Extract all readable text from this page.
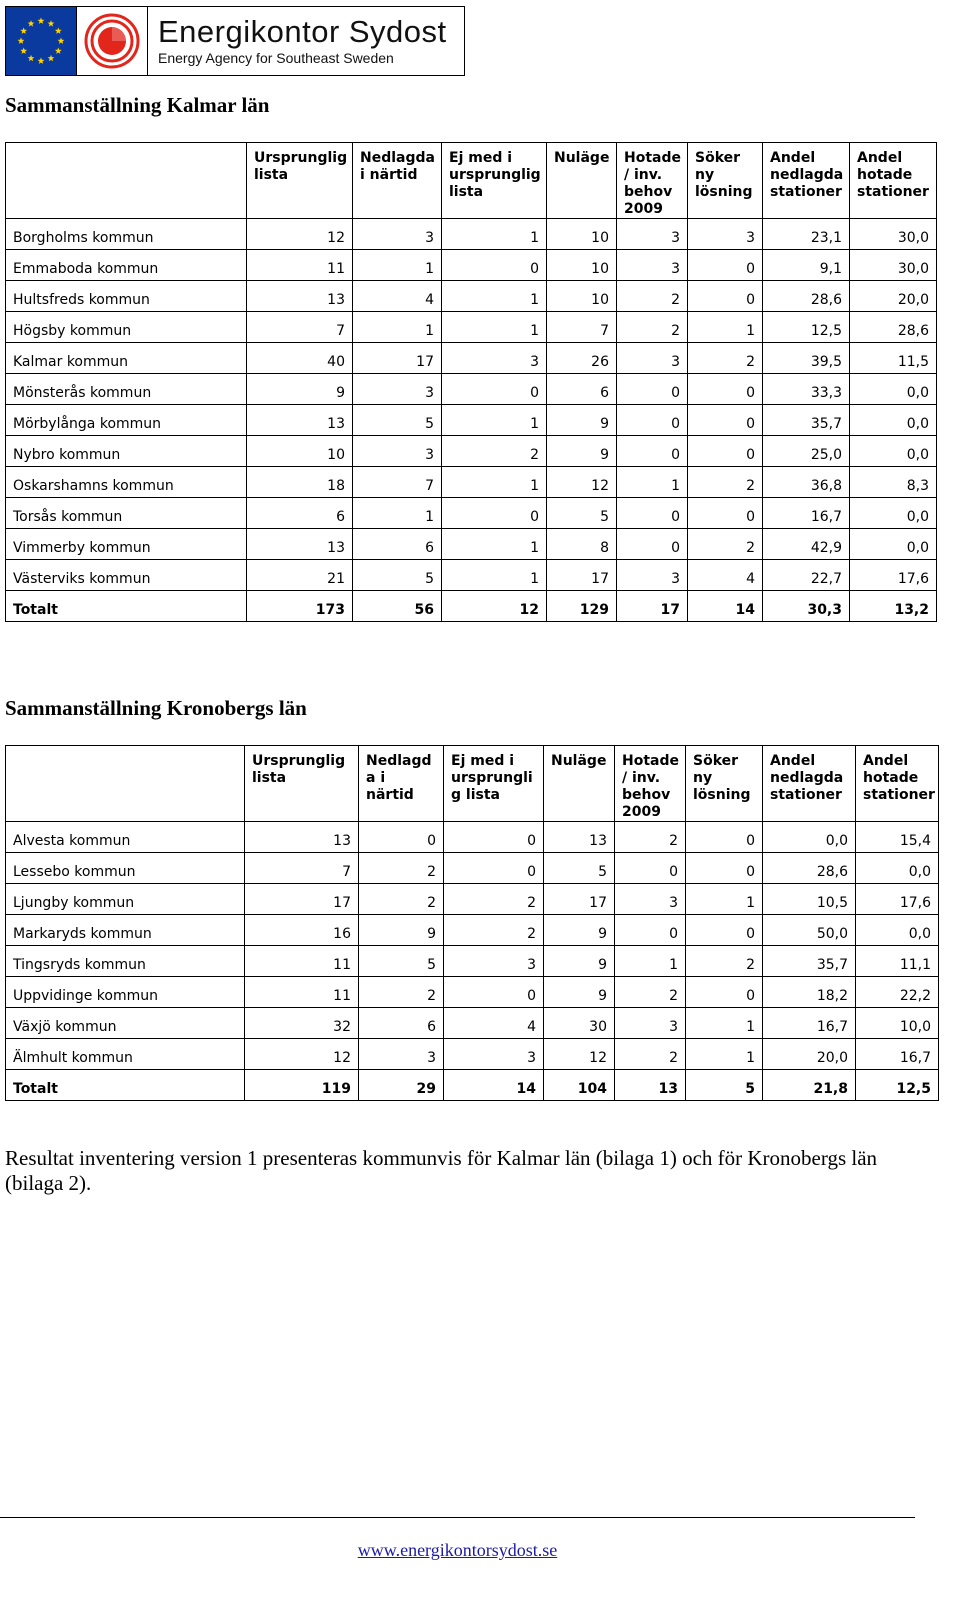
Energikontor Sydost
Energy Agency for Southeast Sweden
Sammanställning Kalmar län
	Ursprunglig lista	Nedlagda i närtid	Ej med i ursprunglig lista	Nuläge	Hotade / inv. behov 2009	Söker ny lösning	Andel nedlagda stationer	Andel hotade stationer
Borgholms kommun	12	3	1	10	3	3	23,1	30,0
Emmaboda kommun	11	1	0	10	3	0	9,1	30,0
Hultsfreds kommun	13	4	1	10	2	0	28,6	20,0
Högsby kommun	7	1	1	7	2	1	12,5	28,6
Kalmar kommun	40	17	3	26	3	2	39,5	11,5
Mönsterås kommun	9	3	0	6	0	0	33,3	0,0
Mörbylånga kommun	13	5	1	9	0	0	35,7	0,0
Nybro kommun	10	3	2	9	0	0	25,0	0,0
Oskarshamns kommun	18	7	1	12	1	2	36,8	8,3
Torsås kommun	6	1	0	5	0	0	16,7	0,0
Vimmerby kommun	13	6	1	8	0	2	42,9	0,0
Västerviks kommun	21	5	1	17	3	4	22,7	17,6
Totalt	173	56	12	129	17	14	30,3	13,2
Sammanställning Kronobergs län
	Ursprunglig lista	Nedlagd a i närtid	Ej med i ursprungli g lista	Nuläge	Hotade / inv. behov 2009	Söker ny lösning	Andel nedlagda stationer	Andel hotade stationer
Alvesta kommun	13	0	0	13	2	0	0,0	15,4
Lessebo kommun	7	2	0	5	0	0	28,6	0,0
Ljungby kommun	17	2	2	17	3	1	10,5	17,6
Markaryds kommun	16	9	2	9	0	0	50,0	0,0
Tingsryds kommun	11	5	3	9	1	2	35,7	11,1
Uppvidinge kommun	11	2	0	9	2	0	18,2	22,2
Växjö kommun	32	6	4	30	3	1	16,7	10,0
Älmhult kommun	12	3	3	12	2	1	20,0	16,7
Totalt	119	29	14	104	13	5	21,8	12,5

Resultat inventering version 1 presenteras kommunvis för Kalmar län (bilaga 1) och för Kronobergs län (bilaga 2).

www.energikontorsydost.se
